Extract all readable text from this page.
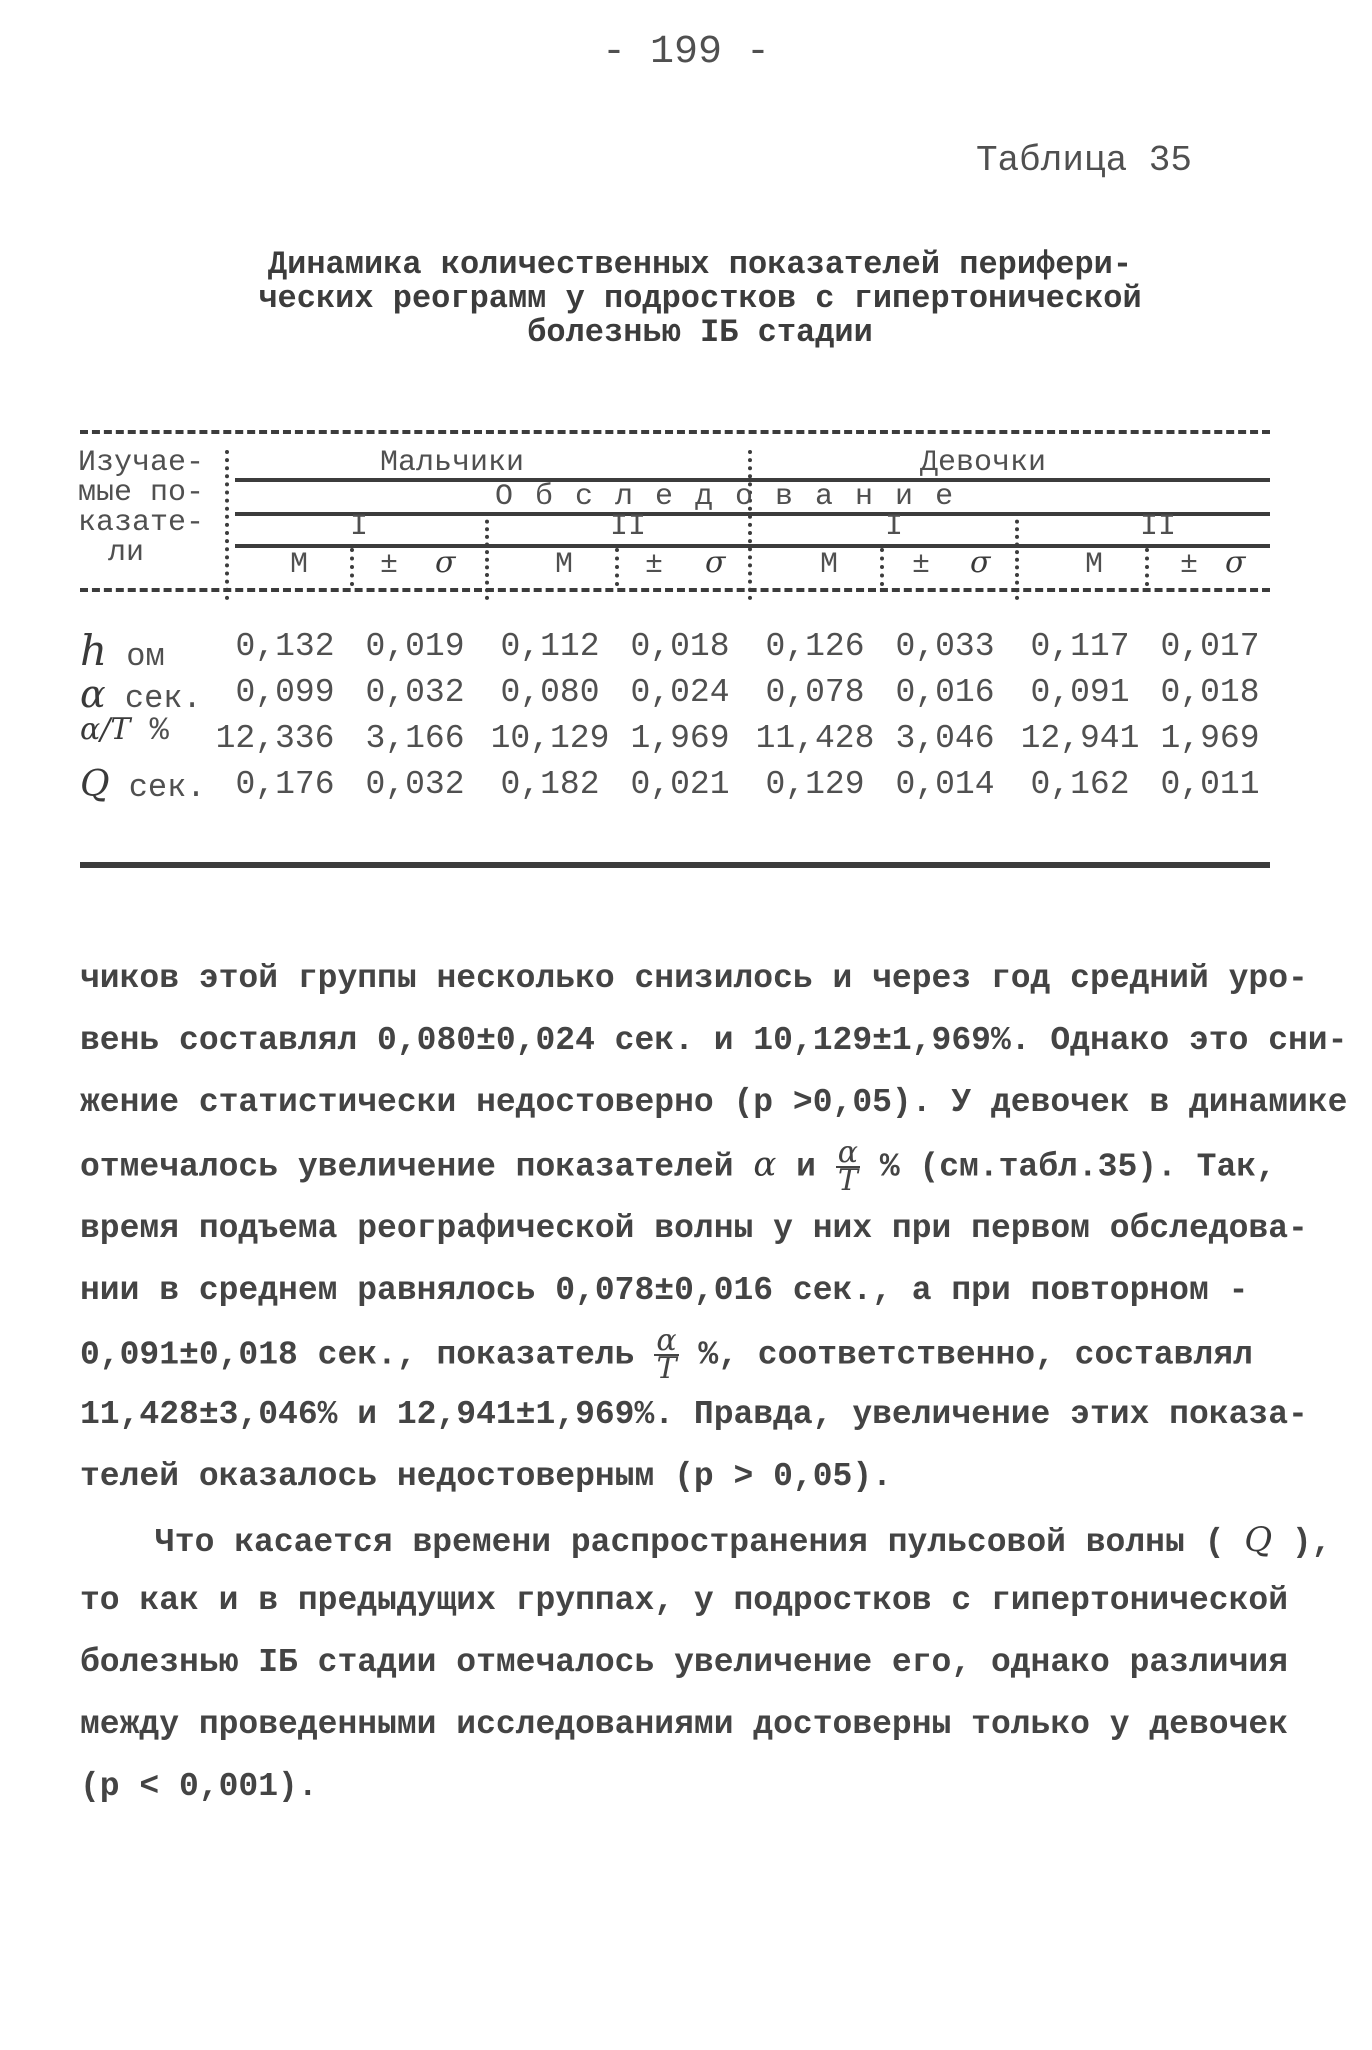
- 199 -
Таблица 35
Динамика количественных показателей перифери-
ческих реограмм у подростков с гипертонической
болезнью IБ стадии
Изучае-
мые по-
казате-
ли
Мальчики	Девочки
О б с л е д о в а н и е
I	II	I	II
М ± σ	М ± σ	М ± σ	М	± σ
h ом	0,132 0,019	0,112 0,018	0,126 0,033	0,117 0,017
α сек.	0,099 0,032	0,080 0,024	0,078 0,016	0,091 0,018
α/T % 12,336 3,166 10,129 1,969 11,428 3,046 12,941 1,969
Q сек. 0,176 0,032	0,182 0,021	0,129 0,014	0,162 0,011
чиков этой группы несколько снизилось и через год средний уро-
вень составлял 0,080±0,024 сек. и 10,129±1,969%. Однако это сни-
жение статистически недостоверно (р >0,05). У девочек в динамике
отмечалось увеличение показателей α и $\frac{\alpha}{T}$ % (см.табл.35). Так,
время подъема реографической волны у них при первом обследова-
нии в среднем равнялось 0,078±0,016 сек., а при повторном -
0,091±0,018 сек., показатель $\frac{\alpha}{T}$ %, соответственно, составлял
11,428±3,046% и 12,941±1,969%. Правда, увеличение этих показа-
телей оказалось недостоверным (р > 0,05).
Что касается времени распространения пульсовой волны ( Q ),
то как и в предыдущих группах, у подростков с гипертонической
болезнью IБ стадии отмечалось увеличение его, однако различия
между проведенными исследованиями достоверны только у девочек
(р < 0,001).
